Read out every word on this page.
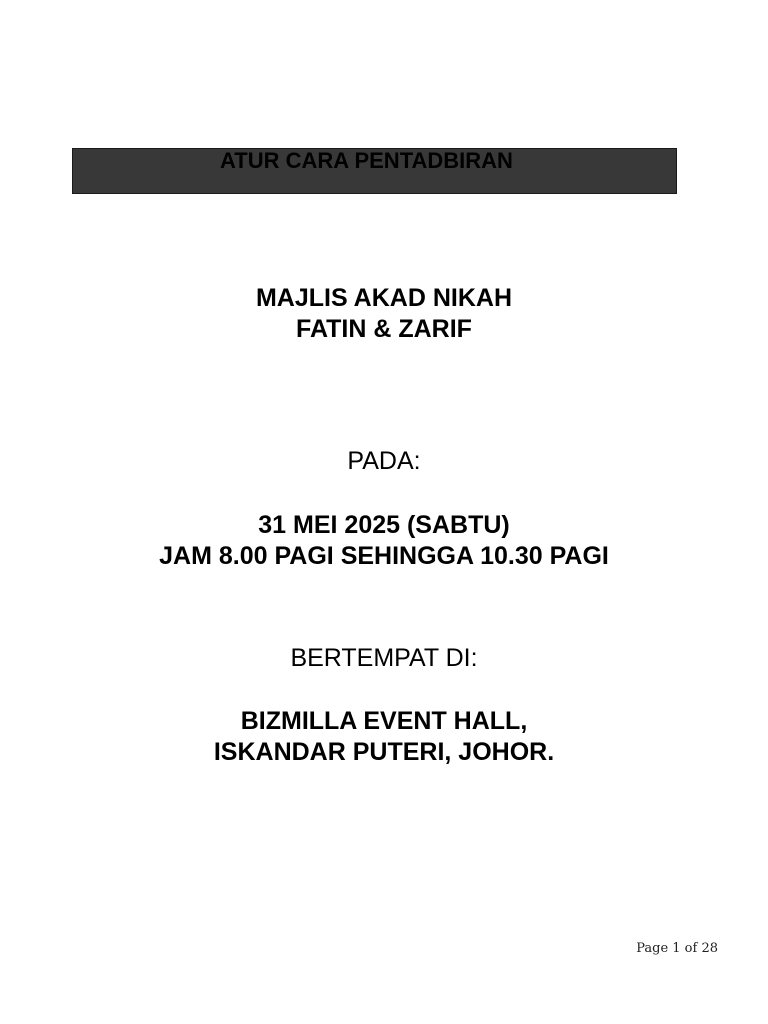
ATUR CARA PENTADBIRAN
MAJLIS AKAD NIKAH
FATIN & ZARIF
PADA:
31 MEI 2025 (SABTU)
JAM 8.00 PAGI SEHINGGA 10.30 PAGI
BERTEMPAT DI:
BIZMILLA EVENT HALL,
ISKANDAR PUTERI, JOHOR.
Page 1 of 28
